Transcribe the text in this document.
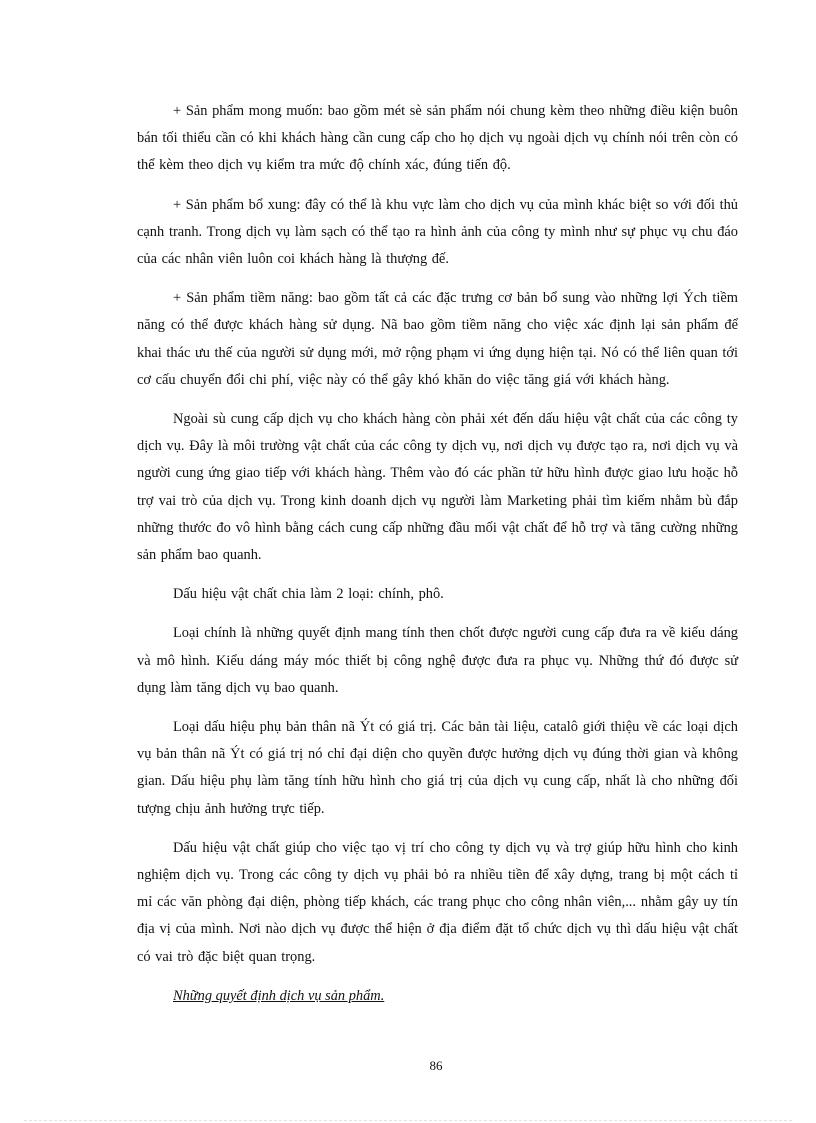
+ Sản phẩm mong muốn: bao gồm mét sè sản phẩm nói chung kèm theo những điều kiện buôn bán tối thiểu cần có khi khách hàng cần cung cấp cho họ dịch vụ ngoài dịch vụ chính nói trên còn có thể kèm theo dịch vụ kiểm tra mức độ chính xác, đúng tiến độ.

+ Sản phẩm bổ xung: đây có thể là khu vực làm cho dịch vụ của mình khác biệt so với đối thủ cạnh tranh. Trong dịch vụ làm sạch có thể tạo ra hình ảnh của công ty mình như sự phục vụ chu đáo của các nhân viên luôn coi khách hàng là thượng đế.

+ Sản phẩm tiềm năng: bao gồm tất cả các đặc trưng cơ bản bổ sung vào những lợi Ých tiềm năng có thể được khách hàng sử dụng. Nã bao gồm tiềm năng cho việc xác định lại sản phẩm để khai thác ưu thế của người sử dụng mới, mở rộng phạm vi ứng dụng hiện tại. Nó có thể liên quan tới cơ cấu chuyển đổi chi phí, việc này có thể gây khó khăn do việc tăng giá với khách hàng.

Ngoài sù cung cấp dịch vụ cho khách hàng còn phải xét đến dấu hiệu vật chất của các công ty dịch vụ. Đây là môi trường vật chất của các công ty dịch vụ, nơi dịch vụ được tạo ra, nơi dịch vụ và người cung ứng giao tiếp với khách hàng. Thêm vào đó các phần tử hữu hình được giao lưu hoặc hỗ trợ vai trò của dịch vụ. Trong kinh doanh dịch vụ người làm Marketing phải tìm kiếm nhằm bù đắp những thước đo vô hình bằng cách cung cấp những đầu mối vật chất để hỗ trợ và tăng cường những sản phẩm bao quanh.

Dấu hiệu vật chất chia làm 2 loại: chính, phô.

Loại chính là những quyết định mang tính then chốt được người cung cấp đưa ra về kiểu dáng và mô hình. Kiểu dáng máy móc thiết bị công nghệ được đưa ra phục vụ. Những thứ đó được sử dụng làm tăng dịch vụ bao quanh.

Loại dấu hiệu phụ bản thân nã Ýt có giá trị. Các bản tài liệu, catalô giới thiệu về các loại dịch vụ bản thân nã Ýt có giá trị nó chỉ đại diện cho quyền được hưởng dịch vụ đúng thời gian và không gian. Dấu hiệu phụ làm tăng tính hữu hình cho giá trị của dịch vụ cung cấp, nhất là cho những đối tượng chịu ảnh hưởng trực tiếp.

Dấu hiệu vật chất giúp cho việc tạo vị trí cho công ty dịch vụ và trợ giúp hữu hình cho kinh nghiệm dịch vụ. Trong các công ty dịch vụ phải bỏ ra nhiều tiền để xây dựng, trang bị một cách tỉ mỉ các văn phòng đại diện, phòng tiếp khách, các trang phục cho công nhân viên,... nhằm gây uy tín địa vị của mình. Nơi nào dịch vụ được thể hiện ở địa điểm đặt tổ chức dịch vụ thì dấu hiệu vật chất có vai trò đặc biệt quan trọng.

Những quyết định dịch vụ sản phẩm.

86
